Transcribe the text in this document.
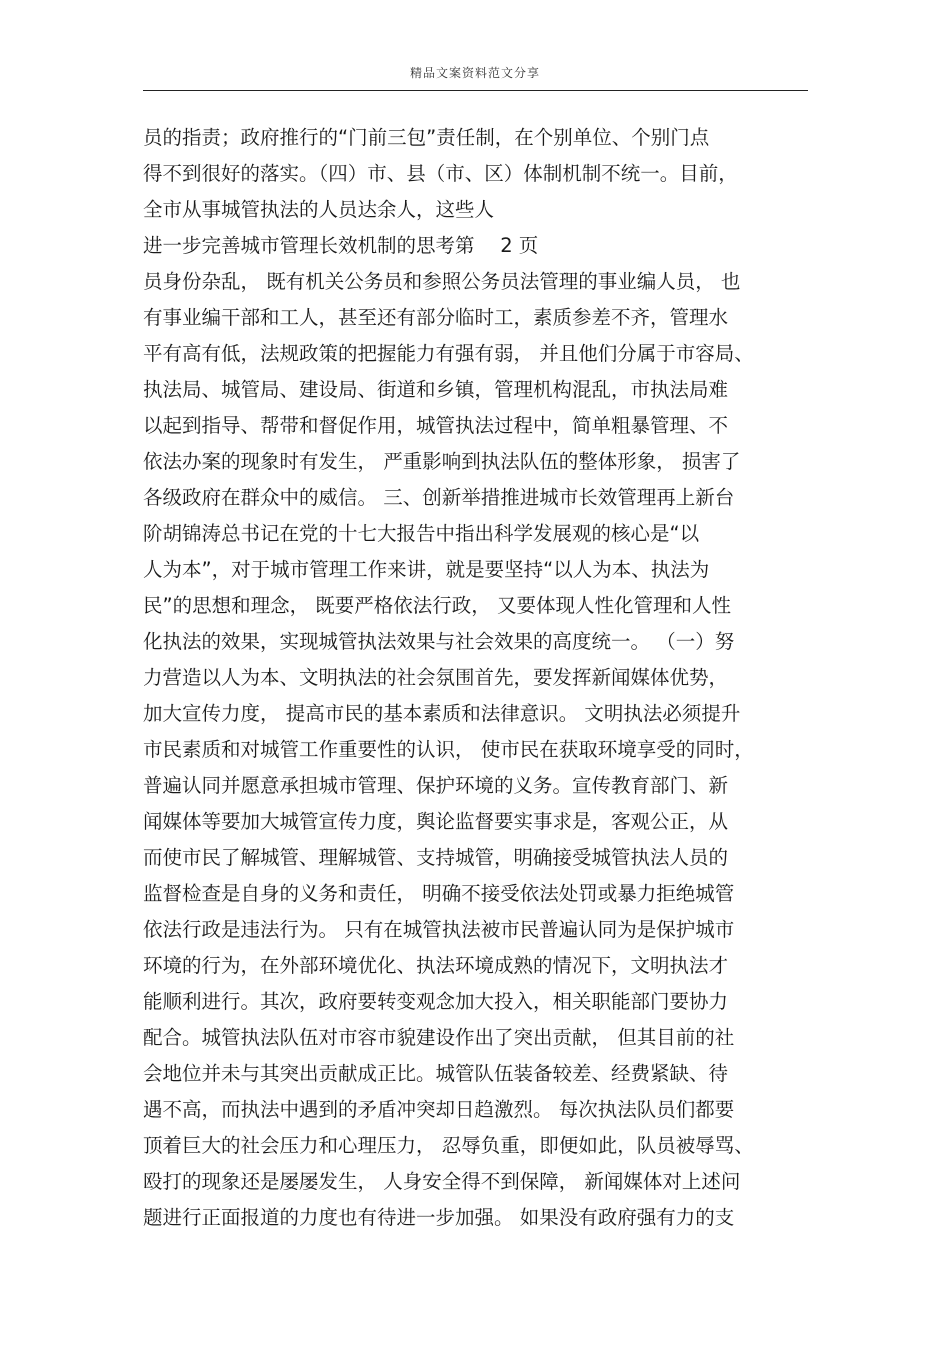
精品文案资料范文分享
员的指责；政府推行的“门前三包”责任制，在个别单位、个别门点
得不到很好的落实。（四）市、县（市、区）体制机制不统一。目前，
全市从事城管执法的人员达余人，这些人
进一步完善城市管理长效机制的思考第　 2 页
员身份杂乱， 既有机关公务员和参照公务员法管理的事业编人员， 也
有事业编干部和工人，甚至还有部分临时工，素质参差不齐，管理水
平有高有低，法规政策的把握能力有强有弱， 并且他们分属于市容局、
执法局、城管局、建设局、街道和乡镇，管理机构混乱，市执法局难
以起到指导、帮带和督促作用，城管执法过程中，简单粗暴管理、不
依法办案的现象时有发生， 严重影响到执法队伍的整体形象， 损害了
各级政府在群众中的威信。 三、创新举措推进城市长效管理再上新台
阶胡锦涛总书记在党的十七大报告中指出科学发展观的核心是“以
人为本”，对于城市管理工作来讲，就是要坚持“以人为本、执法为
民”的思想和理念， 既要严格依法行政， 又要体现人性化管理和人性
化执法的效果，实现城管执法效果与社会效果的高度统一。 （一）努
力营造以人为本、文明执法的社会氛围首先，要发挥新闻媒体优势，
加大宣传力度， 提高市民的基本素质和法律意识。 文明执法必须提升
市民素质和对城管工作重要性的认识， 使市民在获取环境享受的同时，
普遍认同并愿意承担城市管理、保护环境的义务。宣传教育部门、新
闻媒体等要加大城管宣传力度，舆论监督要实事求是，客观公正，从
而使市民了解城管、理解城管、支持城管，明确接受城管执法人员的
监督检查是自身的义务和责任， 明确不接受依法处罚或暴力拒绝城管
依法行政是违法行为。 只有在城管执法被市民普遍认同为是保护城市
环境的行为，在外部环境优化、执法环境成熟的情况下，文明执法才
能顺利进行。其次，政府要转变观念加大投入，相关职能部门要协力
配合。城管执法队伍对市容市貌建设作出了突出贡献， 但其目前的社
会地位并未与其突出贡献成正比。城管队伍装备较差、经费紧缺、待
遇不高，而执法中遇到的矛盾冲突却日趋激烈。 每次执法队员们都要
顶着巨大的社会压力和心理压力， 忍辱负重，即便如此，队员被辱骂、
殴打的现象还是屡屡发生， 人身安全得不到保障， 新闻媒体对上述问
题进行正面报道的力度也有待进一步加强。 如果没有政府强有力的支
